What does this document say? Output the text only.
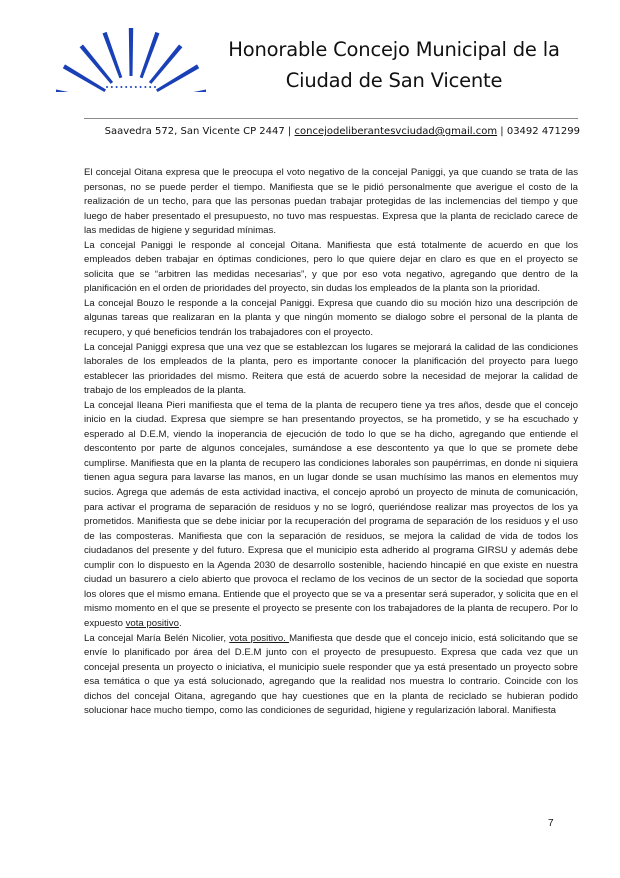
Honorable Concejo Municipal de la
Ciudad de San Vicente
Saavedra 572, San Vicente CP 2447 | concejodeliberantesvciudad@gmail.com | 03492 471299

El concejal Oitana expresa que le preocupa el voto negativo de la concejal Paniggi, ya que cuando se trata de las personas, no se puede perder el tiempo. Manifiesta que se le pidió personalmente que averigue el costo de la realización de un techo, para que las personas puedan trabajar protegidas de las inclemencias del tiempo y que luego de haber presentado el presupuesto, no tuvo mas respuestas. Expresa que la planta de reciclado carece de las medidas de higiene y seguridad mínimas.

La concejal Paniggi le responde al concejal Oitana. Manifiesta que está totalmente de acuerdo en que los empleados deben trabajar en óptimas condiciones, pero lo que quiere dejar en claro es que en el proyecto se solicita que se “arbitren las medidas necesarias”, y que por eso vota negativo, agregando que dentro de la planificación en el orden de prioridades del proyecto, sin dudas los empleados de la planta son la prioridad.

La concejal Bouzo le responde a la concejal Paniggi. Expresa que cuando dio su moción hizo una descripción de algunas tareas que realizaran en la planta y que ningún momento se dialogo sobre el personal de la planta de recupero, y qué beneficios tendrán los trabajadores con el proyecto.

La concejal Paniggi expresa que una vez que se establezcan los lugares se mejorará la calidad de las condiciones laborales de los empleados de la planta, pero es importante conocer la planificación del proyecto para luego establecer las prioridades del mismo. Reitera que está de acuerdo sobre la necesidad de mejorar la calidad de trabajo de los empleados de la planta.

La concejal Ileana Pieri manifiesta que el tema de la planta de recupero tiene ya tres años, desde que el concejo inicio en la ciudad. Expresa que siempre se han presentando proyectos, se ha prometido, y se ha escuchado y esperado al D.E.M, viendo la inoperancia de ejecución de todo lo que se ha dicho, agregando que entiende el descontento por parte de algunos concejales, sumándose a ese descontento ya que lo que se promete debe cumplirse. Manifiesta que en la planta de recupero las condiciones laborales son paupérrimas, en donde ni siquiera tienen agua segura para lavarse las manos, en un lugar donde se usan muchísimo las manos en elementos muy sucios. Agrega que además de esta actividad inactiva, el concejo aprobó un proyecto de minuta de comunicación, para activar el programa de separación de residuos y no se logró, queriéndose realizar mas proyectos de los ya prometidos. Manifiesta que se debe iniciar por la recuperación del programa de separación de los residuos y el uso de las composteras. Manifiesta que con la separación de residuos, se mejora la calidad de vida de todos los ciudadanos del presente y del futuro. Expresa que el municipio esta adherido al programa GIRSU y además debe cumplir con lo dispuesto en la Agenda 2030 de desarrollo sostenible, haciendo hincapié en que existe en nuestra ciudad un basurero a cielo abierto que provoca el reclamo de los vecinos de un sector de la sociedad que soporta los olores que el mismo emana. Entiende que el proyecto que se va a presentar será superador, y solicita que en el mismo momento en el que se presente el proyecto se presente con los trabajadores de la planta de recupero. Por lo expuesto vota positivo.

La concejal María Belén Nicolier, vota positivo. Manifiesta que desde que el concejo inicio, está solicitando que se envíe lo planificado por área del D.E.M junto con el proyecto de presupuesto. Expresa que cada vez que un concejal presenta un proyecto o iniciativa, el municipio suele responder que ya está presentado un proyecto sobre esa temática o que ya está solucionado, agregando que la realidad nos muestra lo contrario. Coincide con los dichos del concejal Oitana, agregando que hay cuestiones que en la planta de reciclado se hubieran podido solucionar hace mucho tiempo, como las condiciones de seguridad, higiene y regularización laboral. Manifiesta

7
